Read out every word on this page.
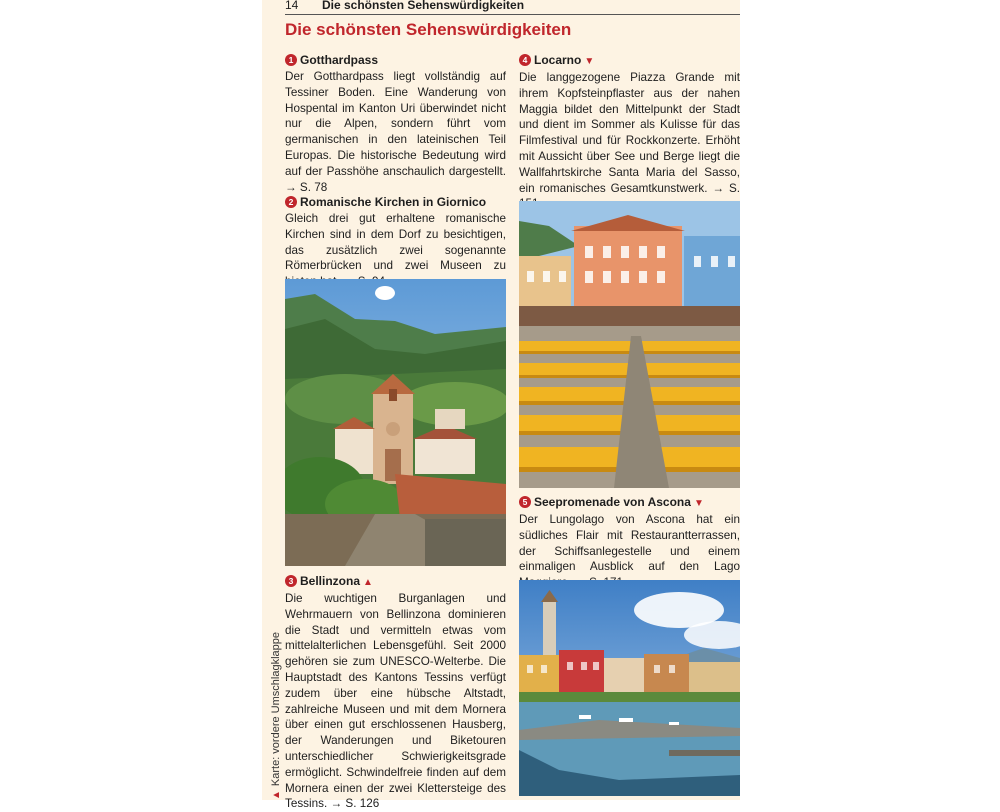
14 Die schönsten Sehenswürdigkeiten
Die schönsten Sehenswürdigkeiten
▲Karte: vordere Umschlagklappe
1 Gotthardpass

Der Gotthardpass liegt vollständig auf Tessiner Boden. Eine Wanderung von Hospental im Kanton Uri überwindet nicht nur die Alpen, sondern führt vom germanischen in den lateinischen Teil Europas. Die historische Bedeutung wird auf der Passhöhe anschaulich dargestellt. → S. 78

2 Romanische Kirchen in Giornico

Gleich drei gut erhaltene romanische Kirchen sind in dem Dorf zu besichtigen, das zusätzlich zwei sogenannte Römerbrücken und zwei Museen zu

3 Bellinzona ▲

Die wuchtigen Burganlagen und Wehrmauern von Bellinzona dominieren die Stadt und vermitteln etwas vom mittelalterlichen Lebensgefühl. Seit 2000 gehören sie zum UNESCO-Welterbe. Die Hauptstadt des Kantons Tessins verfügt zudem über eine hübsche Altstadt, zahlreiche Museen und mit dem Mornera über einen gut erschlossenen Hausberg, der Wanderungen und Biketouren unterschiedlicher Schwierigkeitsgrade ermöglicht. Schwindelfreie finden auf dem Mornera einen der zwei Klettersteige des Tessins. → S. 126

4 Locarno ▼

Die langgezogene Piazza Grande mit ihrem Kopfsteinpflaster aus der nahen Maggia bildet den Mittelpunkt der Stadt und dient im Sommer als Kulisse für das Filmfestival und für Rockkonzerte. Erhöht mit Aussicht über See und Berge liegt die Wallfahrtskirche Santa Maria del Sasso, ein romanisches Gesamtkunstwerk. → S.

5 Seepromenade von Ascona ▼

Der Lungolago von Ascona hat ein südliches Flair mit Restaurantterrassen, der Schiffsanlegestelle und einem einmaligen Ausblick auf den Lago
